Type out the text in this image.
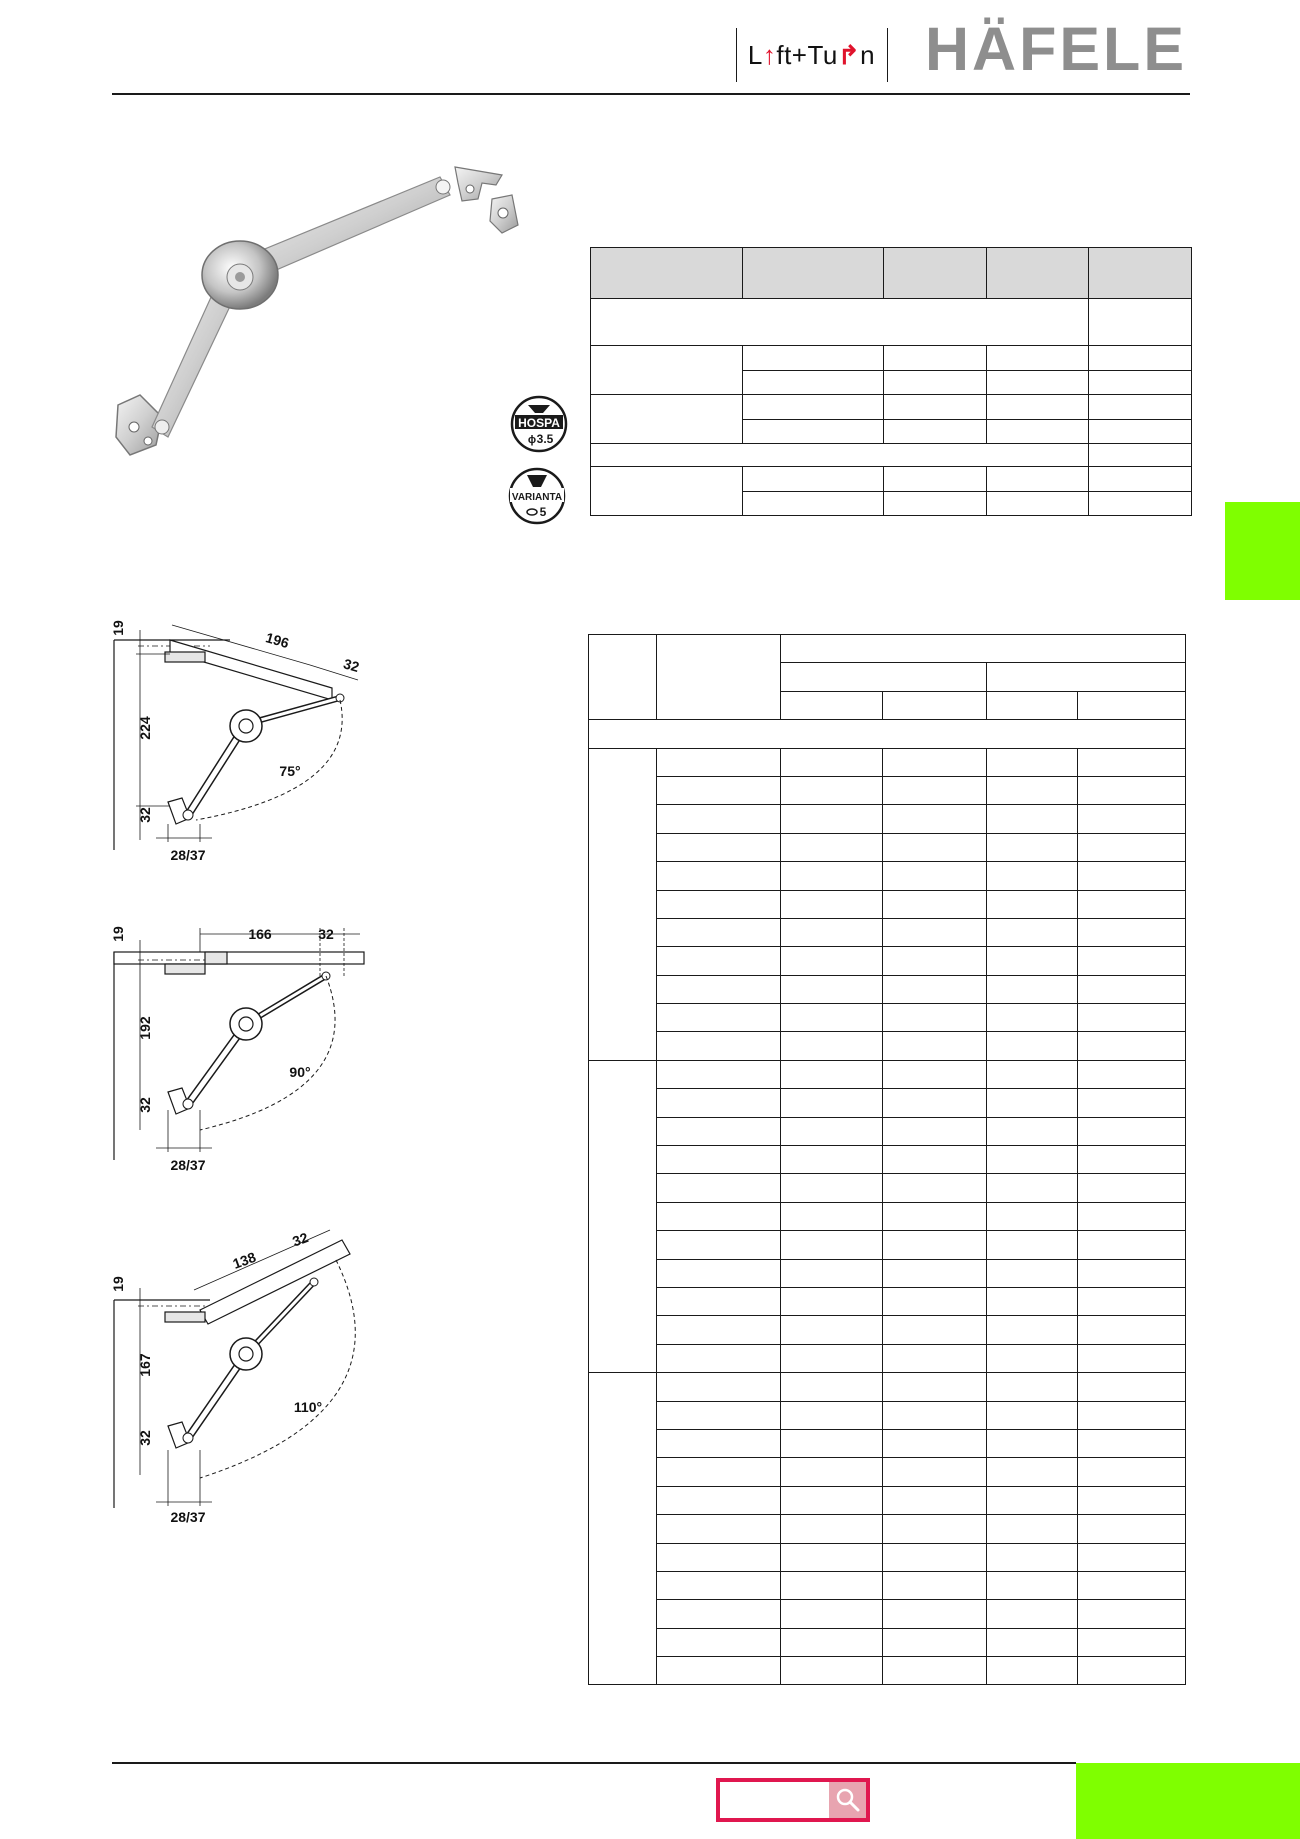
L↑ft+Tu↱n HÄFELE
HOSPA
ϕ 3.5
VARIANTA
5

19
224
32
28/37
196
32
75°
19
192
32
28/37
166	32
90°
19
167
32
28/37
138
32
110°
